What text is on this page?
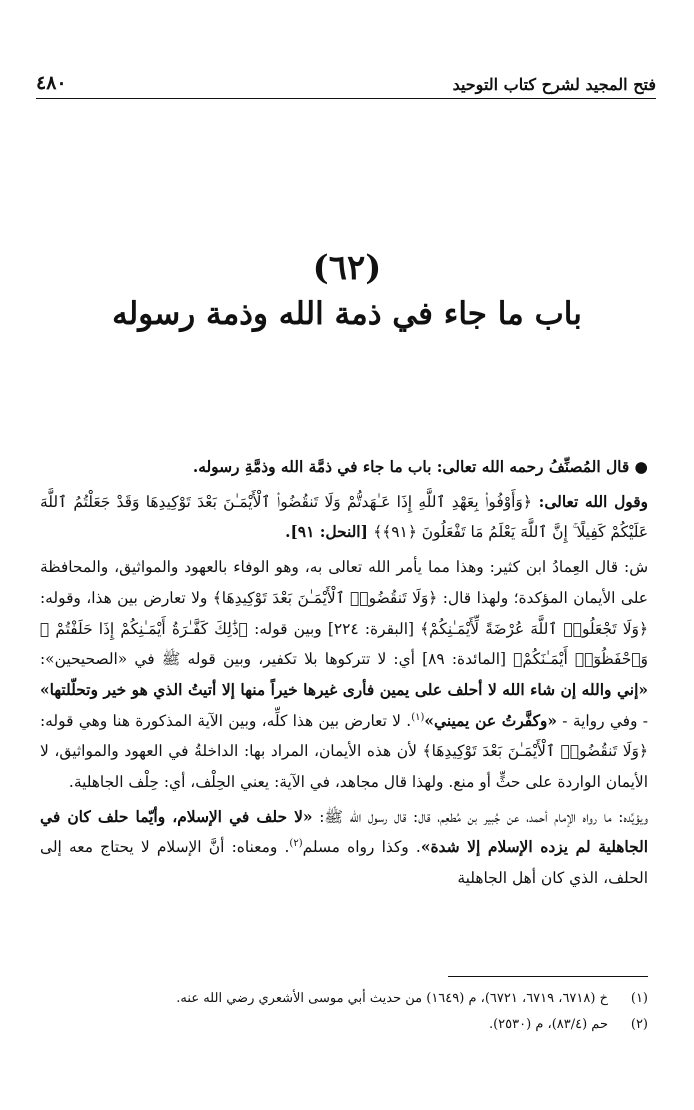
٤٨٠	فتح المجيد لشرح كتاب التوحيد
(٦٢)
باب ما جاء في ذمة الله وذمة رسوله

● قال المُصنِّفُ رحمه الله تعالى: باب ما جاء في ذمَّة الله وذمَّةِ رسوله.

وقول الله تعالى: ﴿وَأَوْفُوا۟ بِعَهْدِ ٱللَّهِ إِذَا عَـٰهَدتُّمْ وَلَا تَنقُضُوا۟ ٱلْأَيْمَـٰنَ بَعْدَ تَوْكِيدِهَا وَقَدْ جَعَلْتُمُ ٱللَّهَ عَلَيْكُمْ كَفِيلًا ۚ إِنَّ ٱللَّهَ يَعْلَمُ مَا تَفْعَلُونَ ﴿٩١﴾﴾ [النحل: ٩١].

ش: قال العِمادُ ابن كثير: وهذا مما يأمر الله تعالى به، وهو الوفاء بالعهود والمواثيق، والمحافظة على الأيمان المؤكدة؛ ولهذا قال: ﴿وَلَا تَنقُضُوا۟ ٱلْأَيْمَـٰنَ بَعْدَ تَوْكِيدِهَا﴾ ولا تعارض بين هذا، وقوله: ﴿وَلَا تَجْعَلُوا۟ ٱللَّهَ عُرْضَةً لِّأَيْمَـٰنِكُمْ﴾ [البقرة: ٢٢٤] وبين قوله: ﴿ذَٰلِكَ كَفَّـٰرَةُ أَيْمَـٰنِكُمْ إِذَا حَلَفْتُمْ ۚ وَٱحْفَظُوٓا۟ أَيْمَـٰنَكُمْ﴾ [المائدة: ٨٩] أي: لا تتركوها بلا تكفير، وبين قوله ﷺ في «الصحيحين»: «إني والله إن شاء الله لا أحلف على يمين فأرى غيرها خيراً منها إلا أتيتُ الذي هو خير وتحلّلتها» - وفي رواية - «وكفَّرتُ عن يميني»$^{(١)}$. لا تعارض بين هذا كلِّه، وبين الآية المذكورة هنا وهي قوله: ﴿وَلَا تَنقُضُوا۟ ٱلْأَيْمَـٰنَ بَعْدَ تَوْكِيدِهَا﴾ لأن هذه الأيمان، المراد بها: الداخلةُ في العهود والمواثيق، لا الأيمان الواردة على حثٍّ أو منع. ولهذا قال مجاهد، في الآية: يعني الحِلْف، أي: حِلْف الجاهلية.

ويؤيِّده: ما رواه الإمام أحمد، عن جُبير بن مُطعِم، قال: قال رسول الله ﷺ: «لا حلف في الإسلام، وأيّما حلف كان في الجاهلية لم يزده الإسلام إلا شدة». وكذا رواه مسلم$^{(٢)}$. ومعناه: أنَّ الإسلام لا يحتاج معه إلى الحلف، الذي كان أهل الجاهلية

(١)
خ (٦٧١٨، ٦٧١٩، ٦٧٢١)، م (١٦٤٩) من حديث أبي موسى الأشعري رضي الله عنه.
(٢)
حم (٨٣/٤)، م (٢٥٣٠).
